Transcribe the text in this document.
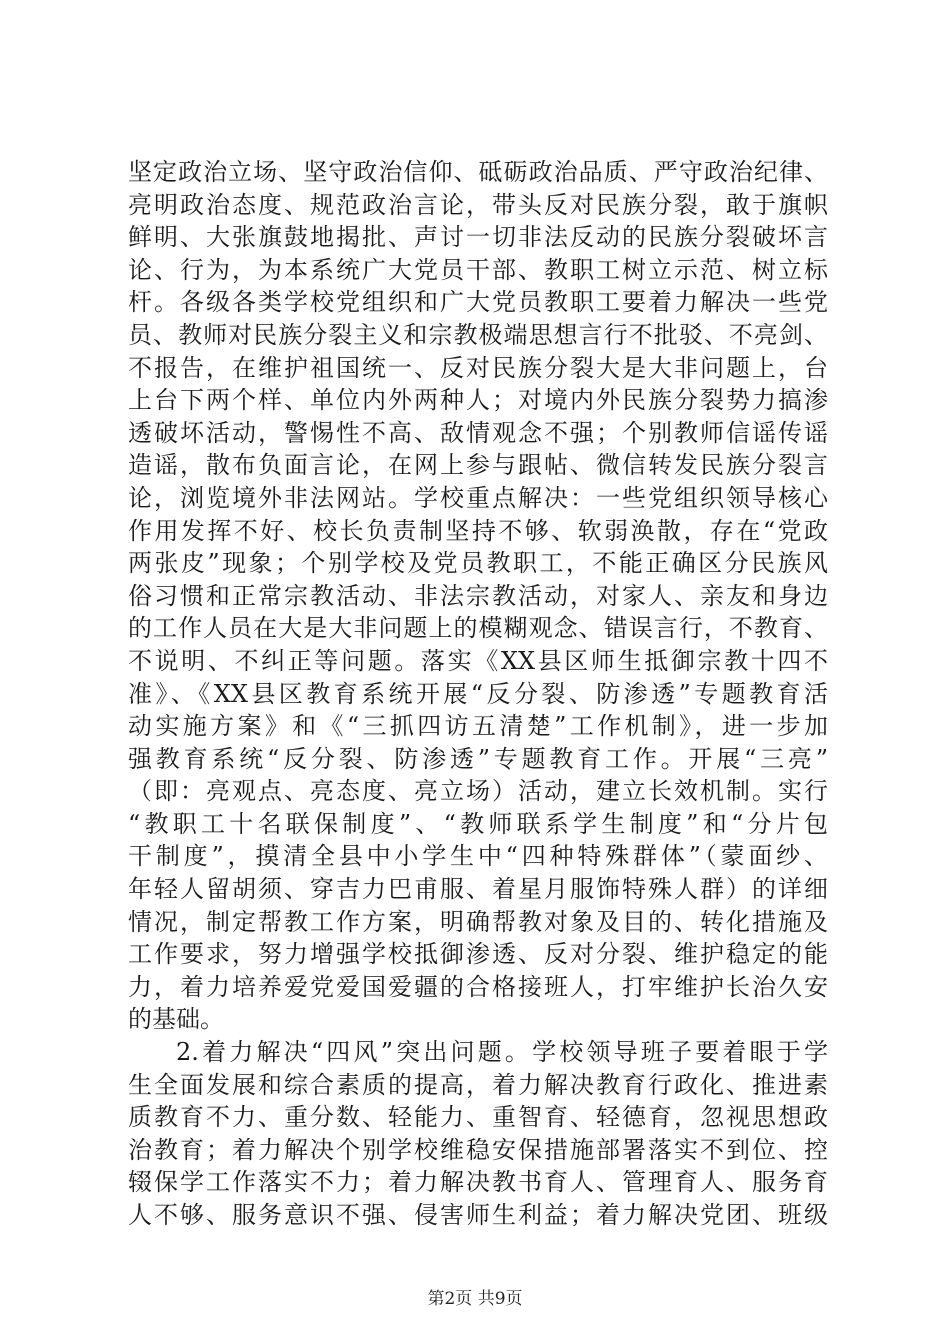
坚定政治立场、坚守政治信仰、砥砺政治品质、严守政治纪律、
亮明政治态度、规范政治言论，带头反对民族分裂，敢于旗帜
鲜明、大张旗鼓地揭批、声讨一切非法反动的民族分裂破坏言
论、行为，为本系统广大党员干部、教职工树立示范、树立标
杆。各级各类学校党组织和广大党员教职工要着力解决一些党
员、教师对民族分裂主义和宗教极端思想言行不批驳、不亮剑、
不报告，在维护祖国统一、反对民族分裂大是大非问题上，台
上台下两个样、单位内外两种人；对境内外民族分裂势力搞渗
透破坏活动，警惕性不高、敌情观念不强；个别教师信谣传谣
造谣，散布负面言论，在网上参与跟帖、微信转发民族分裂言
论，浏览境外非法网站。学校重点解决：一些党组织领导核心
作用发挥不好、校长负责制坚持不够、软弱涣散，存在“党政
两张皮”现象；个别学校及党员教职工，不能正确区分民族风
俗习惯和正常宗教活动、非法宗教活动，对家人、亲友和身边
的工作人员在大是大非问题上的模糊观念、错误言行，不教育、
不说明、不纠正等问题。落实《XX县区师生抵御宗教十四不
准》、《XX县区教育系统开展“反分裂、防渗透”专题教育活
动实施方案》和《“三抓四访五清楚”工作机制》，进一步加
强教育系统“反分裂、防渗透”专题教育工作。开展“三亮”
（即：亮观点、亮态度、亮立场）活动，建立长效机制。实行
“教职工十名联保制度”、“教师联系学生制度”和“分片包
干制度”，摸清全县中小学生中“四种特殊群体”（蒙面纱、
年轻人留胡须、穿吉力巴甫服、着星月服饰特殊人群）的详细
情况，制定帮教工作方案，明确帮教对象及目的、转化措施及
工作要求，努力增强学校抵御渗透、反对分裂、维护稳定的能
力，着力培养爱党爱国爱疆的合格接班人，打牢维护长治久安
的基础。
2.着力解决“四风”突出问题。学校领导班子要着眼于学
生全面发展和综合素质的提高，着力解决教育行政化、推进素
质教育不力、重分数、轻能力、重智育、轻德育，忽视思想政
治教育；着力解决个别学校维稳安保措施部署落实不到位、控
辍保学工作落实不力；着力解决教书育人、管理育人、服务育
人不够、服务意识不强、侵害师生利益；着力解决党团、班级
第2页 共9页
